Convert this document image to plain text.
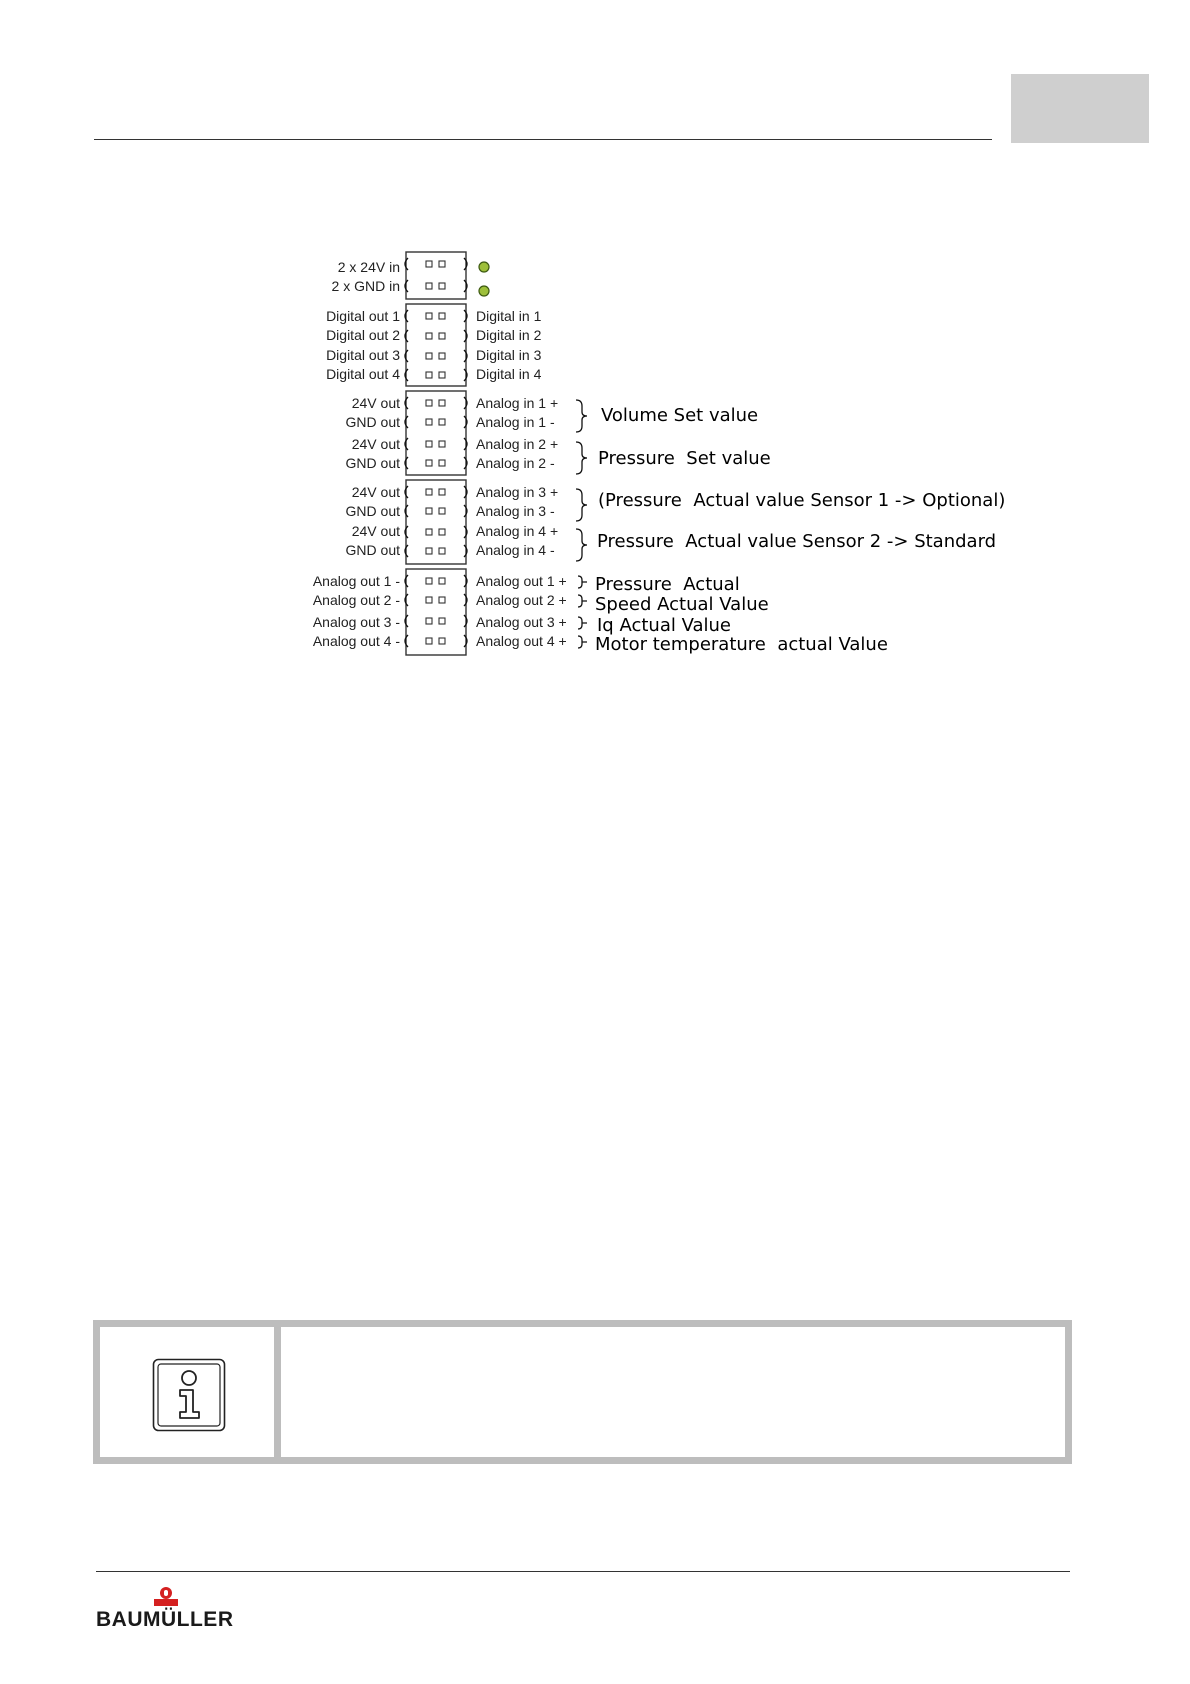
2 x 24V in
2 x GND in
Digital out 1
Digital out 2
Digital out 3
Digital out 4
24V out
GND out
24V out
GND out
24V out
GND out
24V out
GND out
Analog out 1 -
Analog out 2 -
Analog out 3 -
Analog out 4 -
Digital in 1
Digital in 2
Digital in 3
Digital in 4
Analog in 1 +
Analog in 1 -
Analog in 2 +
Analog in 2 -
Analog in 3 +
Analog in 3 -
Analog in 4 +
Analog in 4 -
Analog out 1 +
Analog out 2 +
Analog out 3 +
Analog out 4 +
Volume Set value
Pressure  Set value
(Pressure  Actual value Sensor 1 -> Optional)
Pressure  Actual value Sensor 2 -> Standard
Pressure  Actual
Speed Actual Value
Iq Actual Value
Motor temperature  actual Value
BAUMÜLLER
